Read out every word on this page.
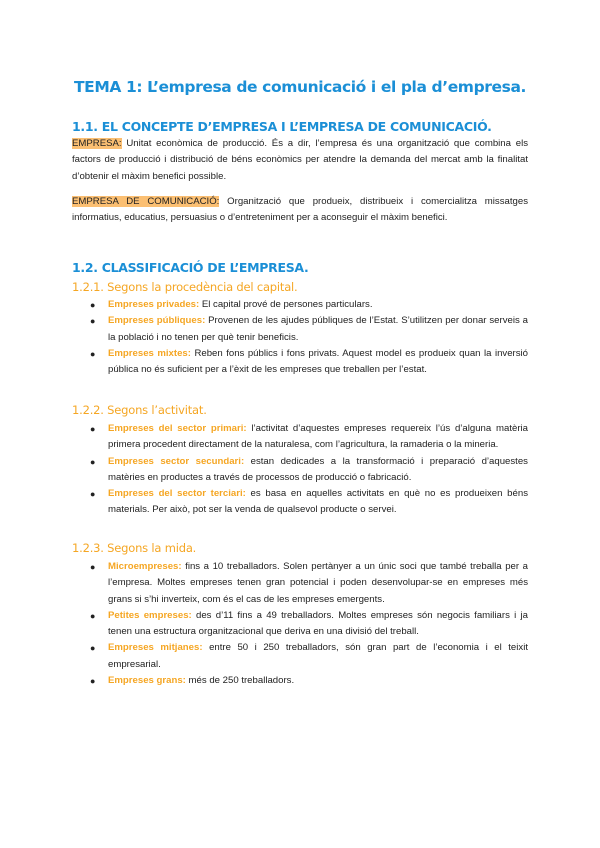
TEMA 1: L’empresa de comunicació i el pla d’empresa.
1.1. EL CONCEPTE D’EMPRESA I L’EMPRESA DE COMUNICACIÓ.

EMPRESA: Unitat econòmica de producció. És a dir, l’empresa és una organització que combina els factors de producció i distribució de béns econòmics per atendre la demanda del mercat amb la finalitat d’obtenir el màxim benefici possible.

EMPRESA DE COMUNICACIÓ: Organització que produeix, distribueix i comercialitza missatges informatius, educatius, persuasius o d’entreteniment per a aconseguir el màxim benefici.

1.2. CLASSIFICACIÓ DE L’EMPRESA.
1.2.1. Segons la procedència del capital.
● Empreses privades: El capital prové de persones particulars.
● Empreses públiques: Provenen de les ajudes públiques de l’Estat. S’utilitzen per donar serveis a la població i no tenen per què tenir beneficis.
● Empreses mixtes: Reben fons públics i fons privats. Aquest model es produeix quan la inversió pública no és suficient per a l’èxit de les empreses que treballen per l’estat.
1.2.2. Segons l’activitat.
● Empreses del sector primari: l’activitat d’aquestes empreses requereix l’ús d’alguna matèria primera procedent directament de la naturalesa, com l’agricultura, la ramaderia o la mineria.
● Empreses sector secundari: estan dedicades a la transformació i preparació d’aquestes matèries en productes a través de processos de producció o fabricació.
● Empreses del sector terciari: es basa en aquelles activitats en què no es produeixen béns materials. Per això, pot ser la venda de qualsevol producte o servei.
1.2.3. Segons la mida.
● Microempreses: fins a 10 treballadors. Solen pertànyer a un únic soci que també treballa per a l’empresa. Moltes empreses tenen gran potencial i poden desenvolupar-se en empreses més grans si s’hi inverteix, com és el cas de les empreses emergents.
● Petites empreses: des d’11 fins a 49 treballadors. Moltes empreses són negocis familiars i ja tenen una estructura organitzacional que deriva en una divisió del treball.
● Empreses mitjanes: entre 50 i 250 treballadors, són gran part de l’economia i el teixit empresarial.
● Empreses grans: més de 250 treballadors.
